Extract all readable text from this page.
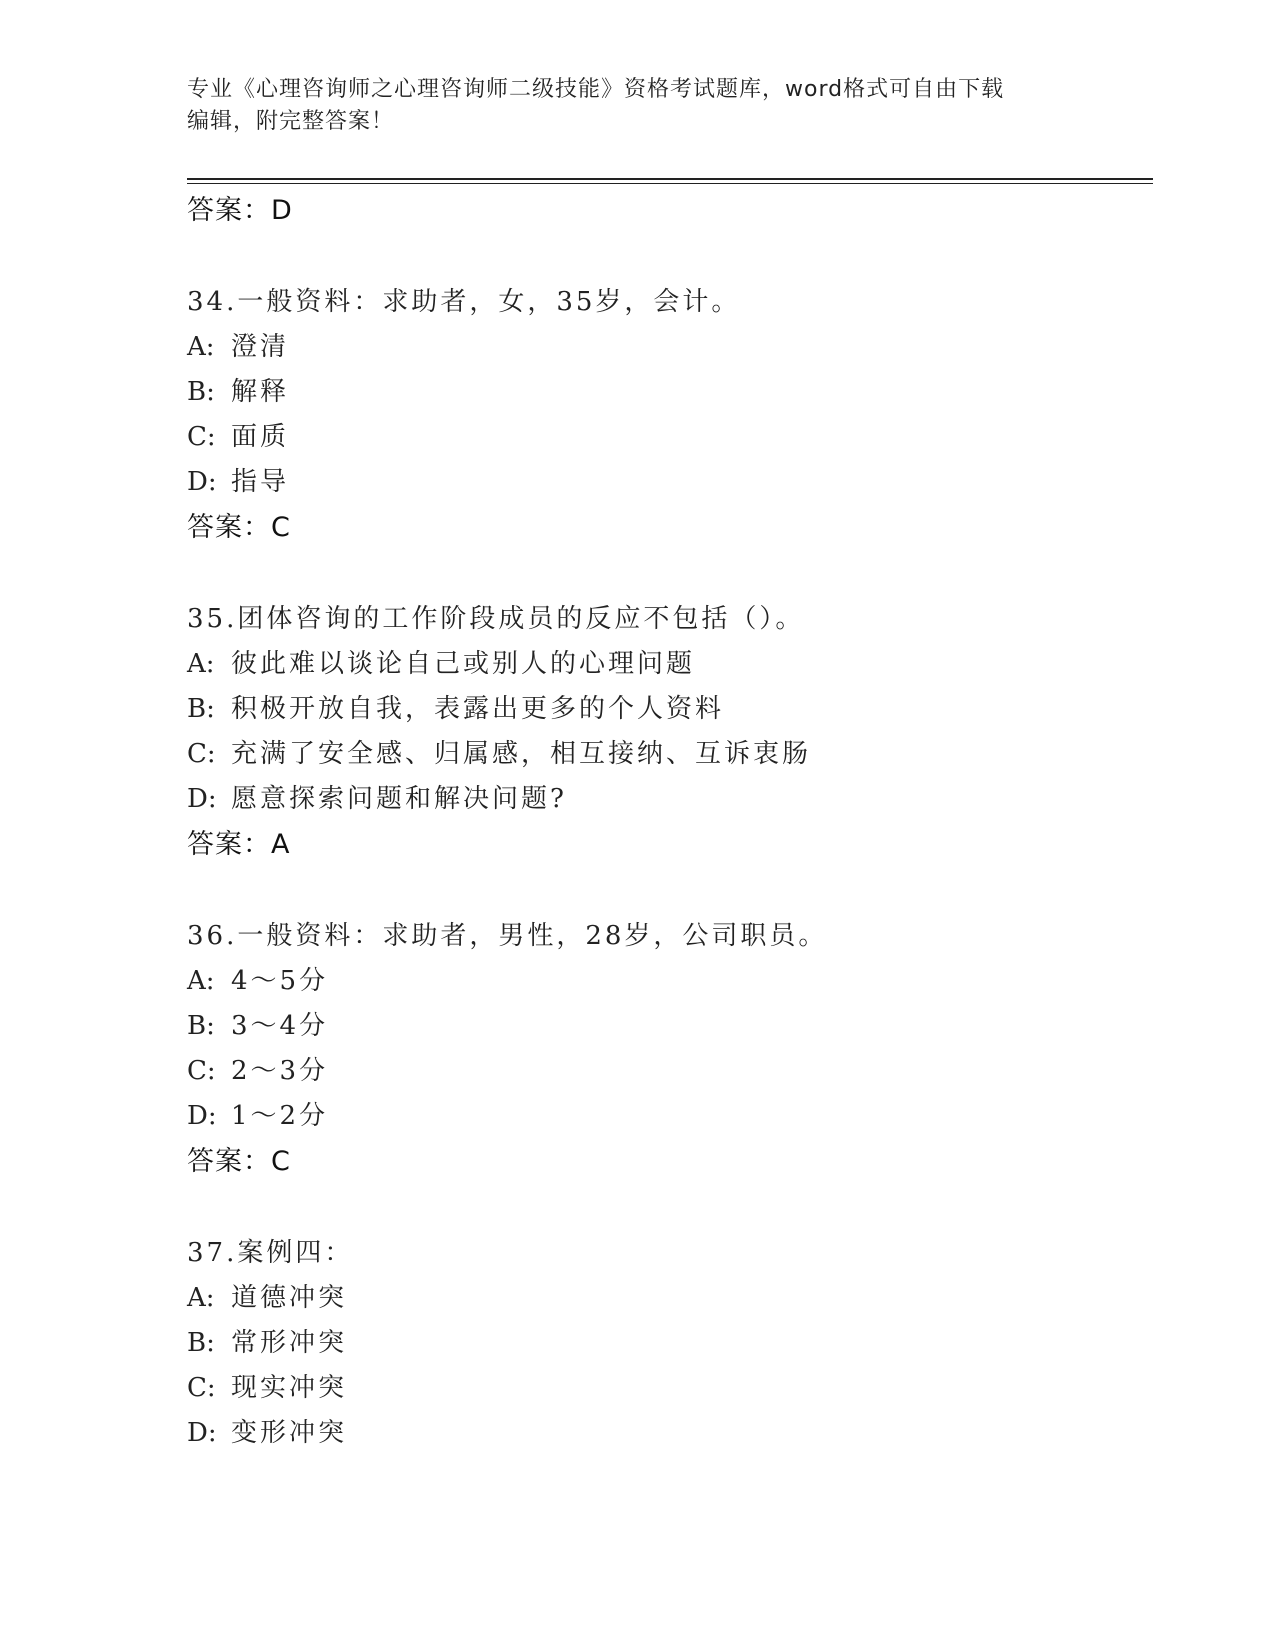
专业《心理咨询师之心理咨询师二级技能》资格考试题库，word格式可自由下载
编辑，附完整答案！
答案：D
34.一般资料：求助者，女，35岁，会计。
A: 澄清
B: 解释
C: 面质
D: 指导
答案：C
35.团体咨询的工作阶段成员的反应不包括（）。
A: 彼此难以谈论自己或别人的心理问题
B: 积极开放自我，表露出更多的个人资料
C: 充满了安全感、归属感，相互接纳、互诉衷肠
D: 愿意探索问题和解决问题?
答案：A
36.一般资料：求助者，男性，28岁，公司职员。
A: 4～5分
B: 3～4分
C: 2～3分
D: 1～2分
答案：C
37.案例四：
A: 道德冲突
B: 常形冲突
C: 现实冲突
D: 变形冲突
